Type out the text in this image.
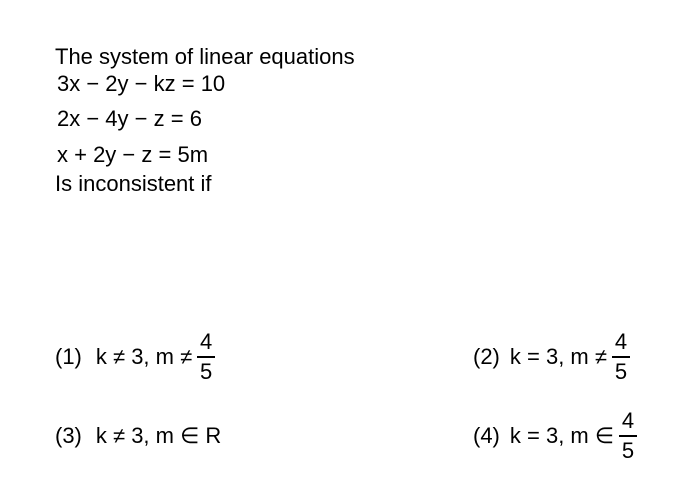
The system of linear equations
3x − 2y − kz = 10
2x − 4y − z = 6
x + 2y − z = 5m
Is inconsistent if
(1) k ≠ 3, $m \ne \frac{4}{5}$	(2) k = 3, $m \ne \frac{4}{5}$
(3) k ≠ 3, m ∈ R	(4) k = 3, m ∈ $\frac{4}{5}$
